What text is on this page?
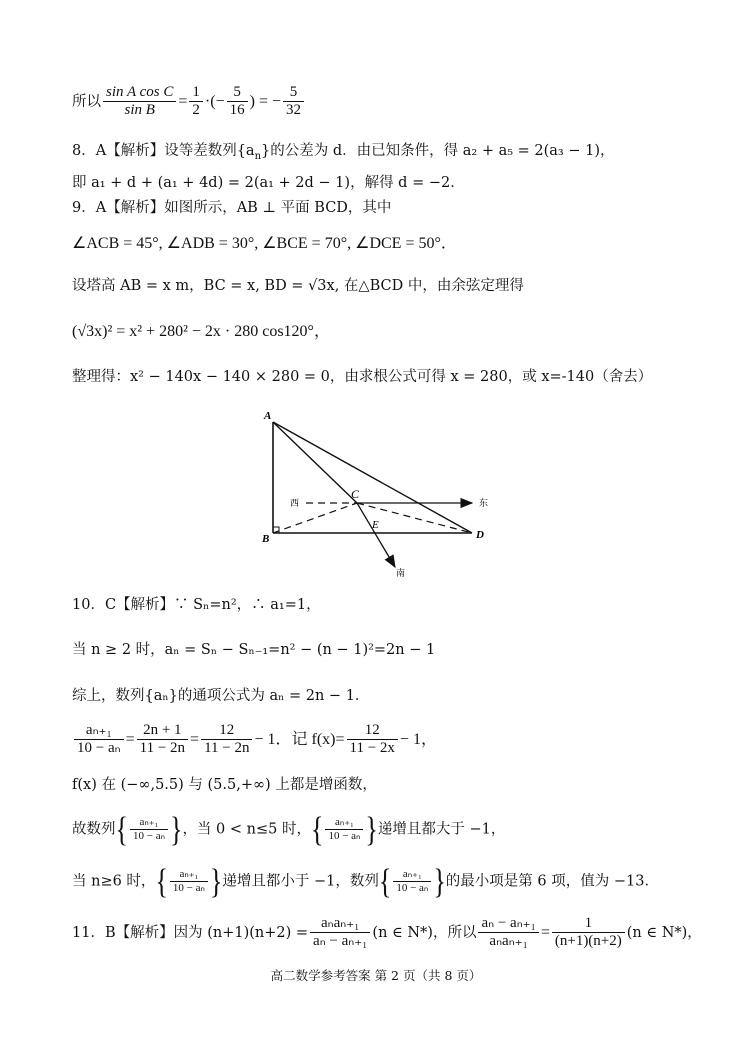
所以 $\frac{\text{sin A cos C}}{\text{sin B}} = \frac{1}{2}$ ·(− $\frac{5}{16}$ ) = − $\frac{5}{32}$
8．A【解析】设等差数列$\{a_n\}$的公差为 d．由已知条件，得 a₂ + a₅ = 2(a₃ − 1)，
即 a₁ + d + (a₁ + 4d) = 2(a₁ + 2d − 1)，解得 d = −2．
9．A【解析】如图所示，AB ⊥ 平面 BCD，其中
∠ACB = 45°, ∠ADB = 30°, ∠BCE = 70°, ∠DCE = 50°．
设塔高 AB = x m，BC = x, BD = √3x, 在△BCD 中，由余弦定理得
(√3x)² = x² + 280² − 2x · 280 cos120°，
整理得：x² − 140x − 140 × 280 = 0，由求根公式可得 x = 280，或 x=-140（舍去）
A
B
C
D
E
西	东
南
10．C【解析】∵ Sₙ=n²，∴ a₁=1，
当 n ≥ 2 时，aₙ = Sₙ − Sₙ₋₁=n² − (n − 1)²=2n − 1
综上，数列{aₙ}的通项公式为 aₙ = 2n − 1．
$\frac{\text{aₙ₊₁}}{\text{10 − aₙ}} = \frac{2n + 1}{11 - 2n} = \frac{12}{11 - 2n} - 1$．记 $f(x)= \frac{12}{11 - 2x} - 1$，
f(x) 在 (−∞,5.5) 与 (5.5,+∞) 上都是增函数，
故数列{ $\frac{\text{aₙ₊₁}}{\text{10 − aₙ}}$ }，当 0 < n≤5 时，{ $\frac{\text{aₙ₊₁}}{\text{10 − aₙ}}$ }递增且都大于 −1，
当 n≥6 时，{ $\frac{\text{aₙ₊₁}}{\text{10 − aₙ}}$ }递增且都小于 −1，数列{ $\frac{\text{aₙ₊₁}}{\text{10 − aₙ}}$ }的最小项是第 6 项，值为 −13．
11．B【解析】因为 $(n+1)(n+2) = \frac{\text{aₙaₙ₊₁}}{\text{aₙ − aₙ₊₁}} (n$ ∈ N*)，所以 $\frac{\text{aₙ − aₙ₊₁}}{\text{aₙaₙ₊₁}} = \frac{1}{(n+1)(n+2)} (n$ ∈ N*)，
高二数学参考答案 第 2 页（共 8 页）
